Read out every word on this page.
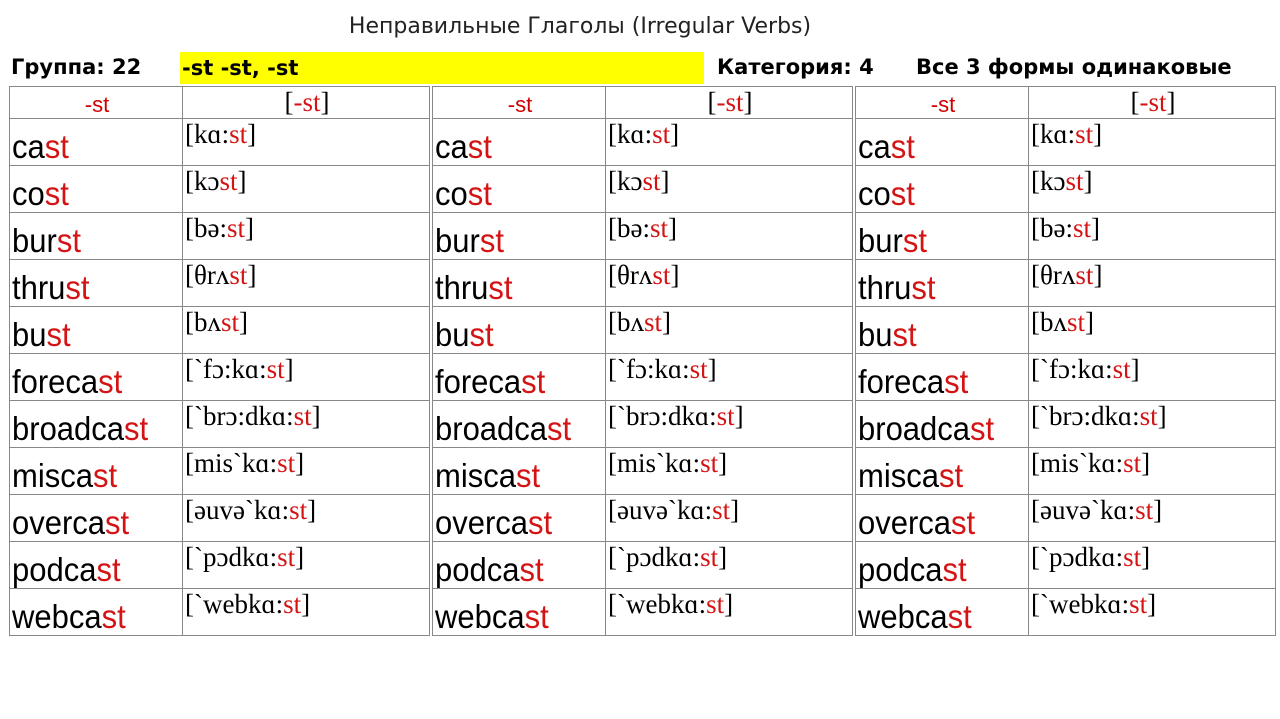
Неправильные Глаголы (Irregular Verbs)
Группа: 22 -st -st, -st	Категория: 4 Все 3 формы одинаковые
-st	[-st]
cast	[kɑ:st]
cost	[kɔst]
burst	[bə:st]
thrust	[θrʌst]
bust	[bʌst]
forecast	[`fɔ:kɑ:st]
broadcast	[`brɔ:dkɑ:st]
miscast	[mis`kɑ:st]
overcast	[əuvə`kɑ:st]
podcast	[`pɔdkɑ:st]
webcast	[`webkɑ:st]
-st	[-st]
cast	[kɑ:st]
cost	[kɔst]
burst	[bə:st]
thrust	[θrʌst]
bust	[bʌst]
forecast	[`fɔ:kɑ:st]
broadcast	[`brɔ:dkɑ:st]
miscast	[mis`kɑ:st]
overcast	[əuvə`kɑ:st]
podcast	[`pɔdkɑ:st]
webcast	[`webkɑ:st]
-st	[-st]
cast	[kɑ:st]
cost	[kɔst]
burst	[bə:st]
thrust	[θrʌst]
bust	[bʌst]
forecast	[`fɔ:kɑ:st]
broadcast	[`brɔ:dkɑ:st]
miscast	[mis`kɑ:st]
overcast	[əuvə`kɑ:st]
podcast	[`pɔdkɑ:st]
webcast	[`webkɑ:st]
